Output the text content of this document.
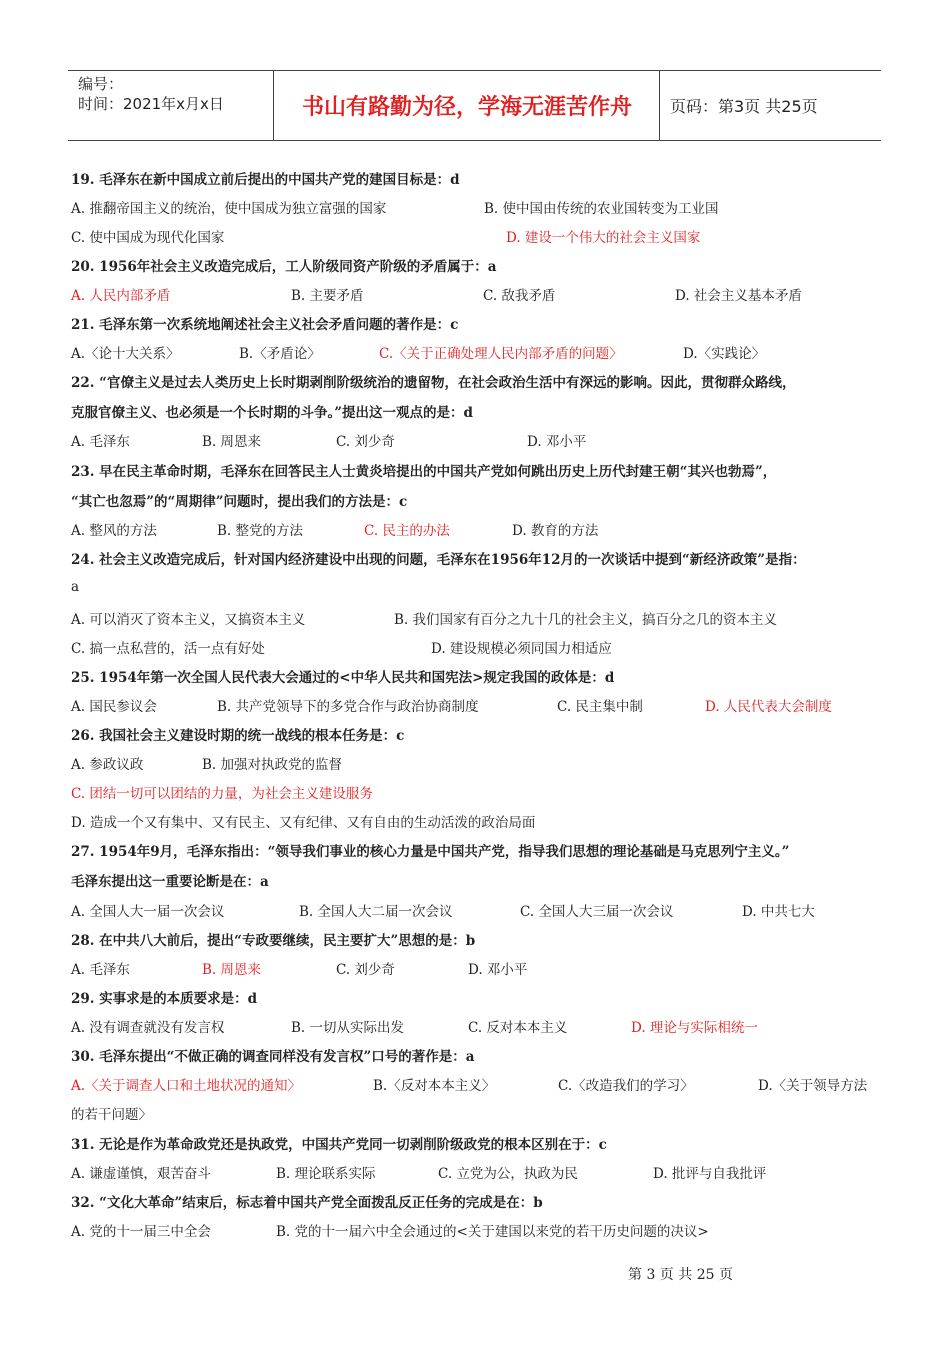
编号：
时间：2021年x月x日	书山有路勤为径，学海无涯苦作舟	页码：第3页 共25页
19. 毛泽东在新中国成立前后提出的中国共产党的建国目标是：d
A. 推翻帝国主义的统治，使中国成为独立富强的国家	B. 使中国由传统的农业国转变为工业国
C. 使中国成为现代化国家	D. 建设一个伟大的社会主义国家
20. 1956年社会主义改造完成后，工人阶级同资产阶级的矛盾属于：a
A. 人民内部矛盾	B. 主要矛盾	C. 敌我矛盾	D. 社会主义基本矛盾
21. 毛泽东第一次系统地阐述社会主义社会矛盾问题的著作是：c
A.〈论十大关系〉	B.〈矛盾论〉	C.〈关于正确处理人民内部矛盾的问题〉	D.〈实践论〉
22. “官僚主义是过去人类历史上长时期剥削阶级统治的遗留物，在社会政治生活中有深远的影响。因此，贯彻群众路线，
克服官僚主义、也必须是一个长时期的斗争。”提出这一观点的是：d
A. 毛泽东	B. 周恩来	C. 刘少奇	D. 邓小平
23. 早在民主革命时期，毛泽东在回答民主人士黄炎培提出的中国共产党如何跳出历史上历代封建王朝“其兴也勃焉”，
“其亡也忽焉”的“周期律”问题时，提出我们的方法是：c
A. 整风的方法	B. 整党的方法	C. 民主的办法	D. 教育的方法
24. 社会主义改造完成后，针对国内经济建设中出现的问题，毛泽东在1956年12月的一次谈话中提到“新经济政策”是指：
a
A. 可以消灭了资本主义，又搞资本主义	B. 我们国家有百分之九十几的社会主义，搞百分之几的资本主义
C. 搞一点私营的，活一点有好处	D. 建设规模必须同国力相适应
25. 1954年第一次全国人民代表大会通过的<中华人民共和国宪法>规定我国的政体是：d
A. 国民参议会	B. 共产党领导下的多党合作与政治协商制度	C. 民主集中制	D. 人民代表大会制度
26. 我国社会主义建设时期的统一战线的根本任务是：c
A. 参政议政	B. 加强对执政党的监督
C. 团结一切可以团结的力量，为社会主义建设服务
D. 造成一个又有集中、又有民主、又有纪律、又有自由的生动活泼的政治局面
27. 1954年9月，毛泽东指出：“领导我们事业的核心力量是中国共产党，指导我们思想的理论基础是马克思列宁主义。”
毛泽东提出这一重要论断是在：a
A. 全国人大一届一次会议	B. 全国人大二届一次会议	C. 全国人大三届一次会议	D. 中共七大
28. 在中共八大前后，提出“专政要继续，民主要扩大”思想的是：b
A. 毛泽东	B. 周恩来	C. 刘少奇	D. 邓小平
29. 实事求是的本质要求是：d
A. 没有调查就没有发言权	B. 一切从实际出发	C. 反对本本主义	D. 理论与实际相统一
30. 毛泽东提出“不做正确的调查同样没有发言权”口号的著作是：a
A.〈关于调查人口和土地状况的通知〉	B.〈反对本本主义〉	C.〈改造我们的学习〉	D.〈关于领导方法
的若干问题〉
31. 无论是作为革命政党还是执政党，中国共产党同一切剥削阶级政党的根本区别在于：c
A. 谦虚谨慎，艰苦奋斗	B. 理论联系实际	C. 立党为公，执政为民	D. 批评与自我批评
32. “文化大革命”结束后，标志着中国共产党全面拨乱反正任务的完成是在：b
A. 党的十一届三中全会	B. 党的十一届六中全会通过的<关于建国以来党的若干历史问题的决议>
第 3 页 共 25 页
